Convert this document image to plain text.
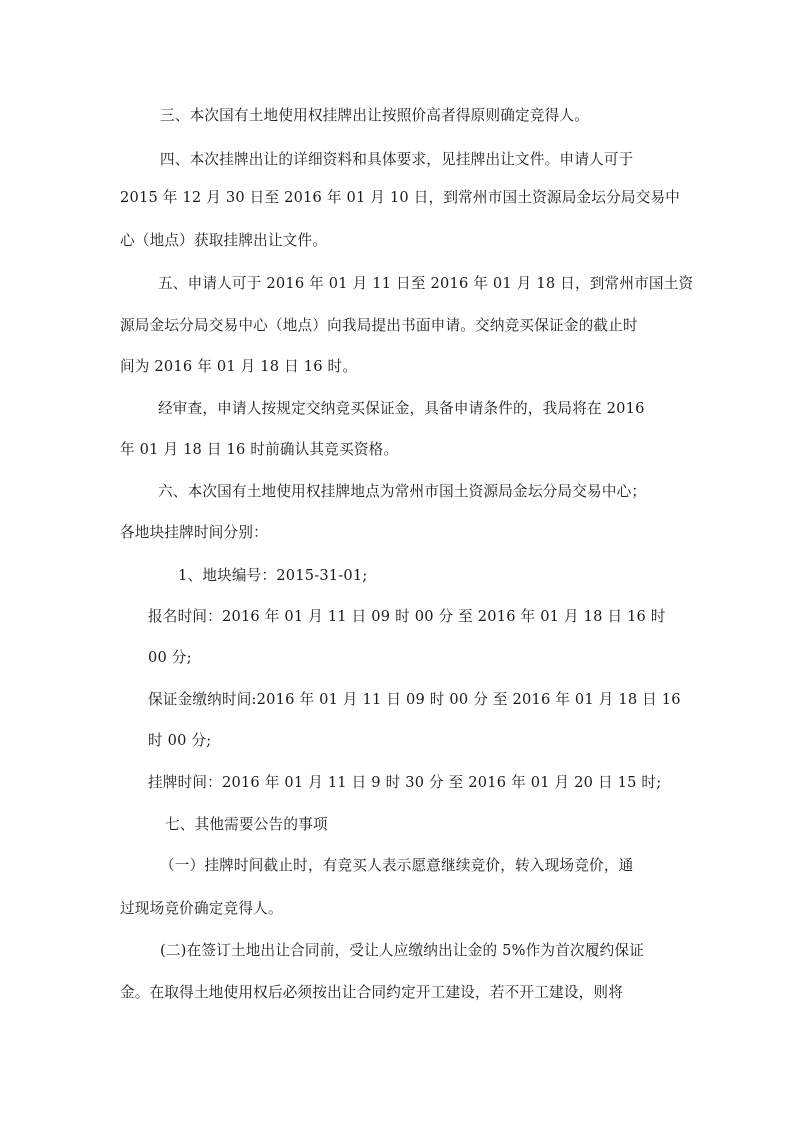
三、本次国有土地使用权挂牌出让按照价高者得原则确定竞得人。
四、本次挂牌出让的详细资料和具体要求，见挂牌出让文件。申请人可于
2015 年 12 月 30 日至 2016 年 01 月 10 日，到常州市国土资源局金坛分局交易中
心（地点）获取挂牌出让文件。
五、申请人可于 2016 年 01 月 11 日至 2016 年 01 月 18 日，到常州市国土资
源局金坛分局交易中心（地点）向我局提出书面申请。交纳竞买保证金的截止时
间为 2016 年 01 月 18 日 16 时。
经审查，申请人按规定交纳竞买保证金，具备申请条件的，我局将在 2016
年 01 月 18 日 16 时前确认其竞买资格。
六、本次国有土地使用权挂牌地点为常州市国土资源局金坛分局交易中心；
各地块挂牌时间分别：
1、地块编号：2015-31-01;
报名时间：2016 年 01 月 11 日 09 时 00 分 至 2016 年 01 月 18 日 16 时
00 分;
保证金缴纳时间:2016 年 01 月 11 日 09 时 00 分 至 2016 年 01 月 18 日 16
时 00 分;
挂牌时间：2016 年 01 月 11 日 9 时 30 分 至 2016 年 01 月 20 日 15 时;
七、其他需要公告的事项
（一）挂牌时间截止时，有竞买人表示愿意继续竞价，转入现场竞价，通
过现场竞价确定竞得人。
(二)在签订土地出让合同前，受让人应缴纳出让金的 5%作为首次履约保证
金。在取得土地使用权后必须按出让合同约定开工建设，若不开工建设，则将
